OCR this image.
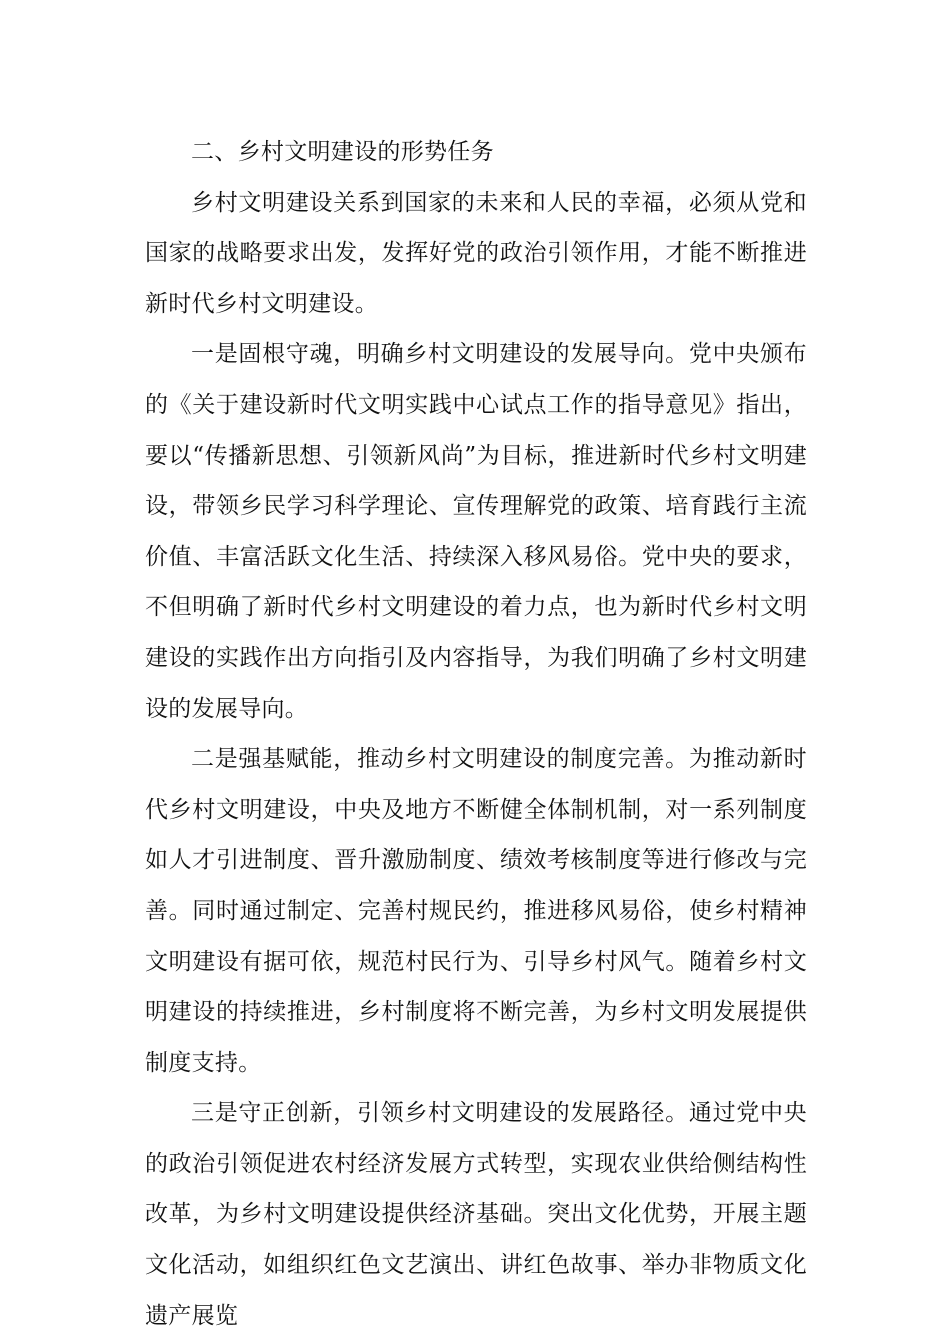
二、乡村文明建设的形势任务

乡村文明建设关系到国家的未来和人民的幸福，必须从党和国家的战略要求出发，发挥好党的政治引领作用，才能不断推进新时代乡村文明建设。

一是固根守魂，明确乡村文明建设的发展导向。党中央颁布的《关于建设新时代文明实践中心试点工作的指导意见》指出，要以“传播新思想、引领新风尚”为目标，推进新时代乡村文明建设，带领乡民学习科学理论、宣传理解党的政策、培育践行主流价值、丰富活跃文化生活、持续深入移风易俗。党中央的要求，不但明确了新时代乡村文明建设的着力点，也为新时代乡村文明建设的实践作出方向指引及内容指导，为我们明确了乡村文明建设的发展导向。

二是强基赋能，推动乡村文明建设的制度完善。为推动新时代乡村文明建设，中央及地方不断健全体制机制，对一系列制度如人才引进制度、晋升激励制度、绩效考核制度等进行修改与完善。同时通过制定、完善村规民约，推进移风易俗，使乡村精神文明建设有据可依，规范村民行为、引导乡村风气。随着乡村文明建设的持续推进，乡村制度将不断完善，为乡村文明发展提供制度支持。

三是守正创新，引领乡村文明建设的发展路径。通过党中央的政治引领促进农村经济发展方式转型，实现农业供给侧结构性改革，为乡村文明建设提供经济基础。突出文化优势，开展主题文化活动，如组织红色文艺演出、讲红色故事、举办非物质文化遗产展览
